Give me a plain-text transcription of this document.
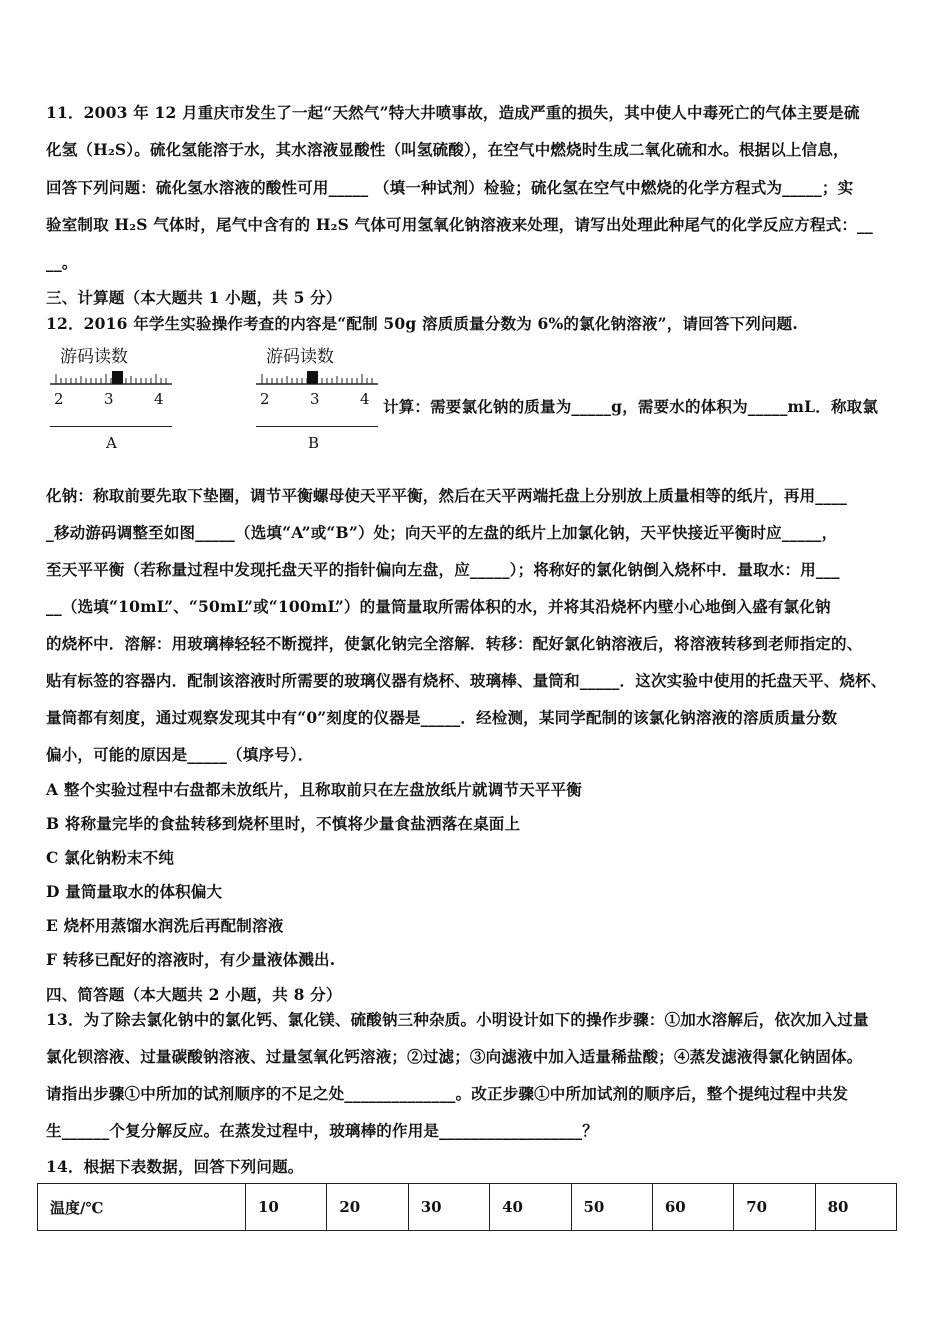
11．2003 年 12 月重庆市发生了一起“天然气”特大井喷事故，造成严重的损失，其中使人中毒死亡的气体主要是硫
化氢（H₂S）。硫化氢能溶于水，其水溶液显酸性（叫氢硫酸），在空气中燃烧时生成二氧化硫和水。根据以上信息，
回答下列问题：硫化氢水溶液的酸性可用_____ （填一种试剂）检验；硫化氢在空气中燃烧的化学方程式为_____；实
验室制取 H₂S 气体时，尾气中含有的 H₂S 气体可用氢氧化钠溶液来处理，请写出处理此种尾气的化学反应方程式：__
__。
三、计算题（本大题共 1 小题，共 5 分）
12．2016 年学生实验操作考查的内容是“配制 50g 溶质质量分数为 6%的氯化钠溶液”，请回答下列问题.
游码读数
2	3	4
A
游码读数
2	3	4
B
计算：需要氯化钠的质量为_____g，需要水的体积为_____mL．称取氯
化钠：称取前要先取下垫圈，调节平衡螺母使天平平衡，然后在天平两端托盘上分别放上质量相等的纸片，再用____
_移动游码调整至如图_____（选填“A”或“B”）处；向天平的左盘的纸片上加氯化钠，天平快接近平衡时应_____，
至天平平衡（若称量过程中发现托盘天平的指针偏向左盘，应_____）；将称好的氯化钠倒入烧杯中．量取水：用___
__（选填“10mL”、“50mL”或“100mL”）的量筒量取所需体积的水，并将其沿烧杯内壁小心地倒入盛有氯化钠
的烧杯中．溶解：用玻璃棒轻轻不断搅拌，使氯化钠完全溶解．转移：配好氯化钠溶液后，将溶液转移到老师指定的、
贴有标签的容器内．配制该溶液时所需要的玻璃仪器有烧杯、玻璃棒、量筒和_____．这次实验中使用的托盘天平、烧杯、
量筒都有刻度，通过观察发现其中有“0”刻度的仪器是_____．经检测，某同学配制的该氯化钠溶液的溶质质量分数
偏小，可能的原因是_____（填序号）．
A 整个实验过程中右盘都未放纸片，且称取前只在左盘放纸片就调节天平平衡
B 将称量完毕的食盐转移到烧杯里时，不慎将少量食盐洒落在桌面上
C 氯化钠粉末不纯
D 量筒量取水的体积偏大
E 烧杯用蒸馏水润洗后再配制溶液
F 转移已配好的溶液时，有少量液体溅出.
四、简答题（本大题共 2 小题，共 8 分）
13．为了除去氯化钠中的氯化钙、氯化镁、硫酸钠三种杂质。小明设计如下的操作步骤：①加水溶解后，依次加入过量
氯化钡溶液、过量碳酸钠溶液、过量氢氧化钙溶液；②过滤；③向滤液中加入适量稀盐酸；④蒸发滤液得氯化钠固体。
请指出步骤①中所加的试剂顺序的不足之处______________。改正步骤①中所加试剂的顺序后，整个提纯过程中共发
生______个复分解反应。在蒸发过程中，玻璃棒的作用是__________________？
14．根据下表数据，回答下列问题。
温度/℃	10	20	30	40	50	60	70	80
